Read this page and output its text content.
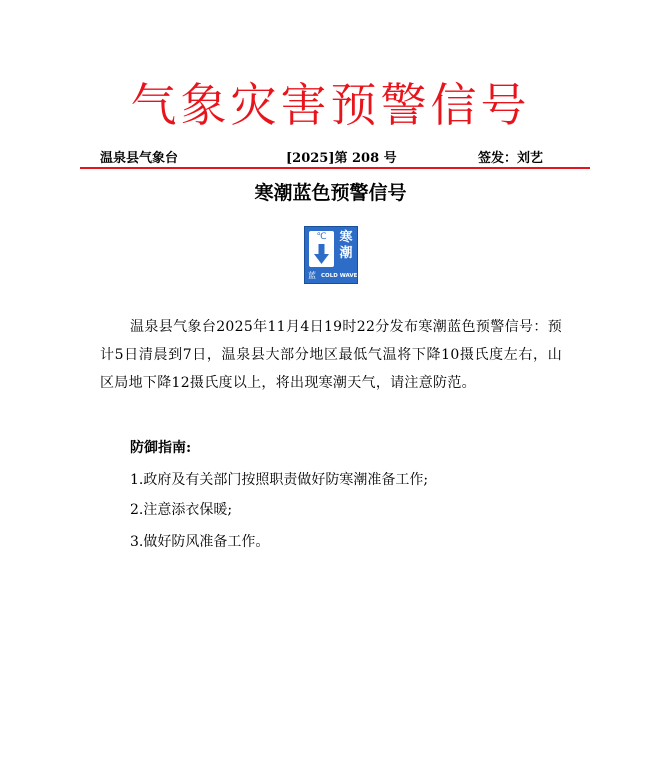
气象灾害预警信号
温泉县气象台	[2025]第 208 号	签发：刘艺
寒潮蓝色预警信号
℃ 寒潮
蓝 COLD WAVE
温泉县气象台2025年11月4日19时22分发布寒潮蓝色预警信号：预计5日清晨到7日，温泉县大部分地区最低气温将下降10摄氏度左右，山区局地下降12摄氏度以上，将出现寒潮天气，请注意防范。
防御指南:
1.政府及有关部门按照职责做好防寒潮准备工作;
2.注意添衣保暖;
3.做好防风准备工作。
